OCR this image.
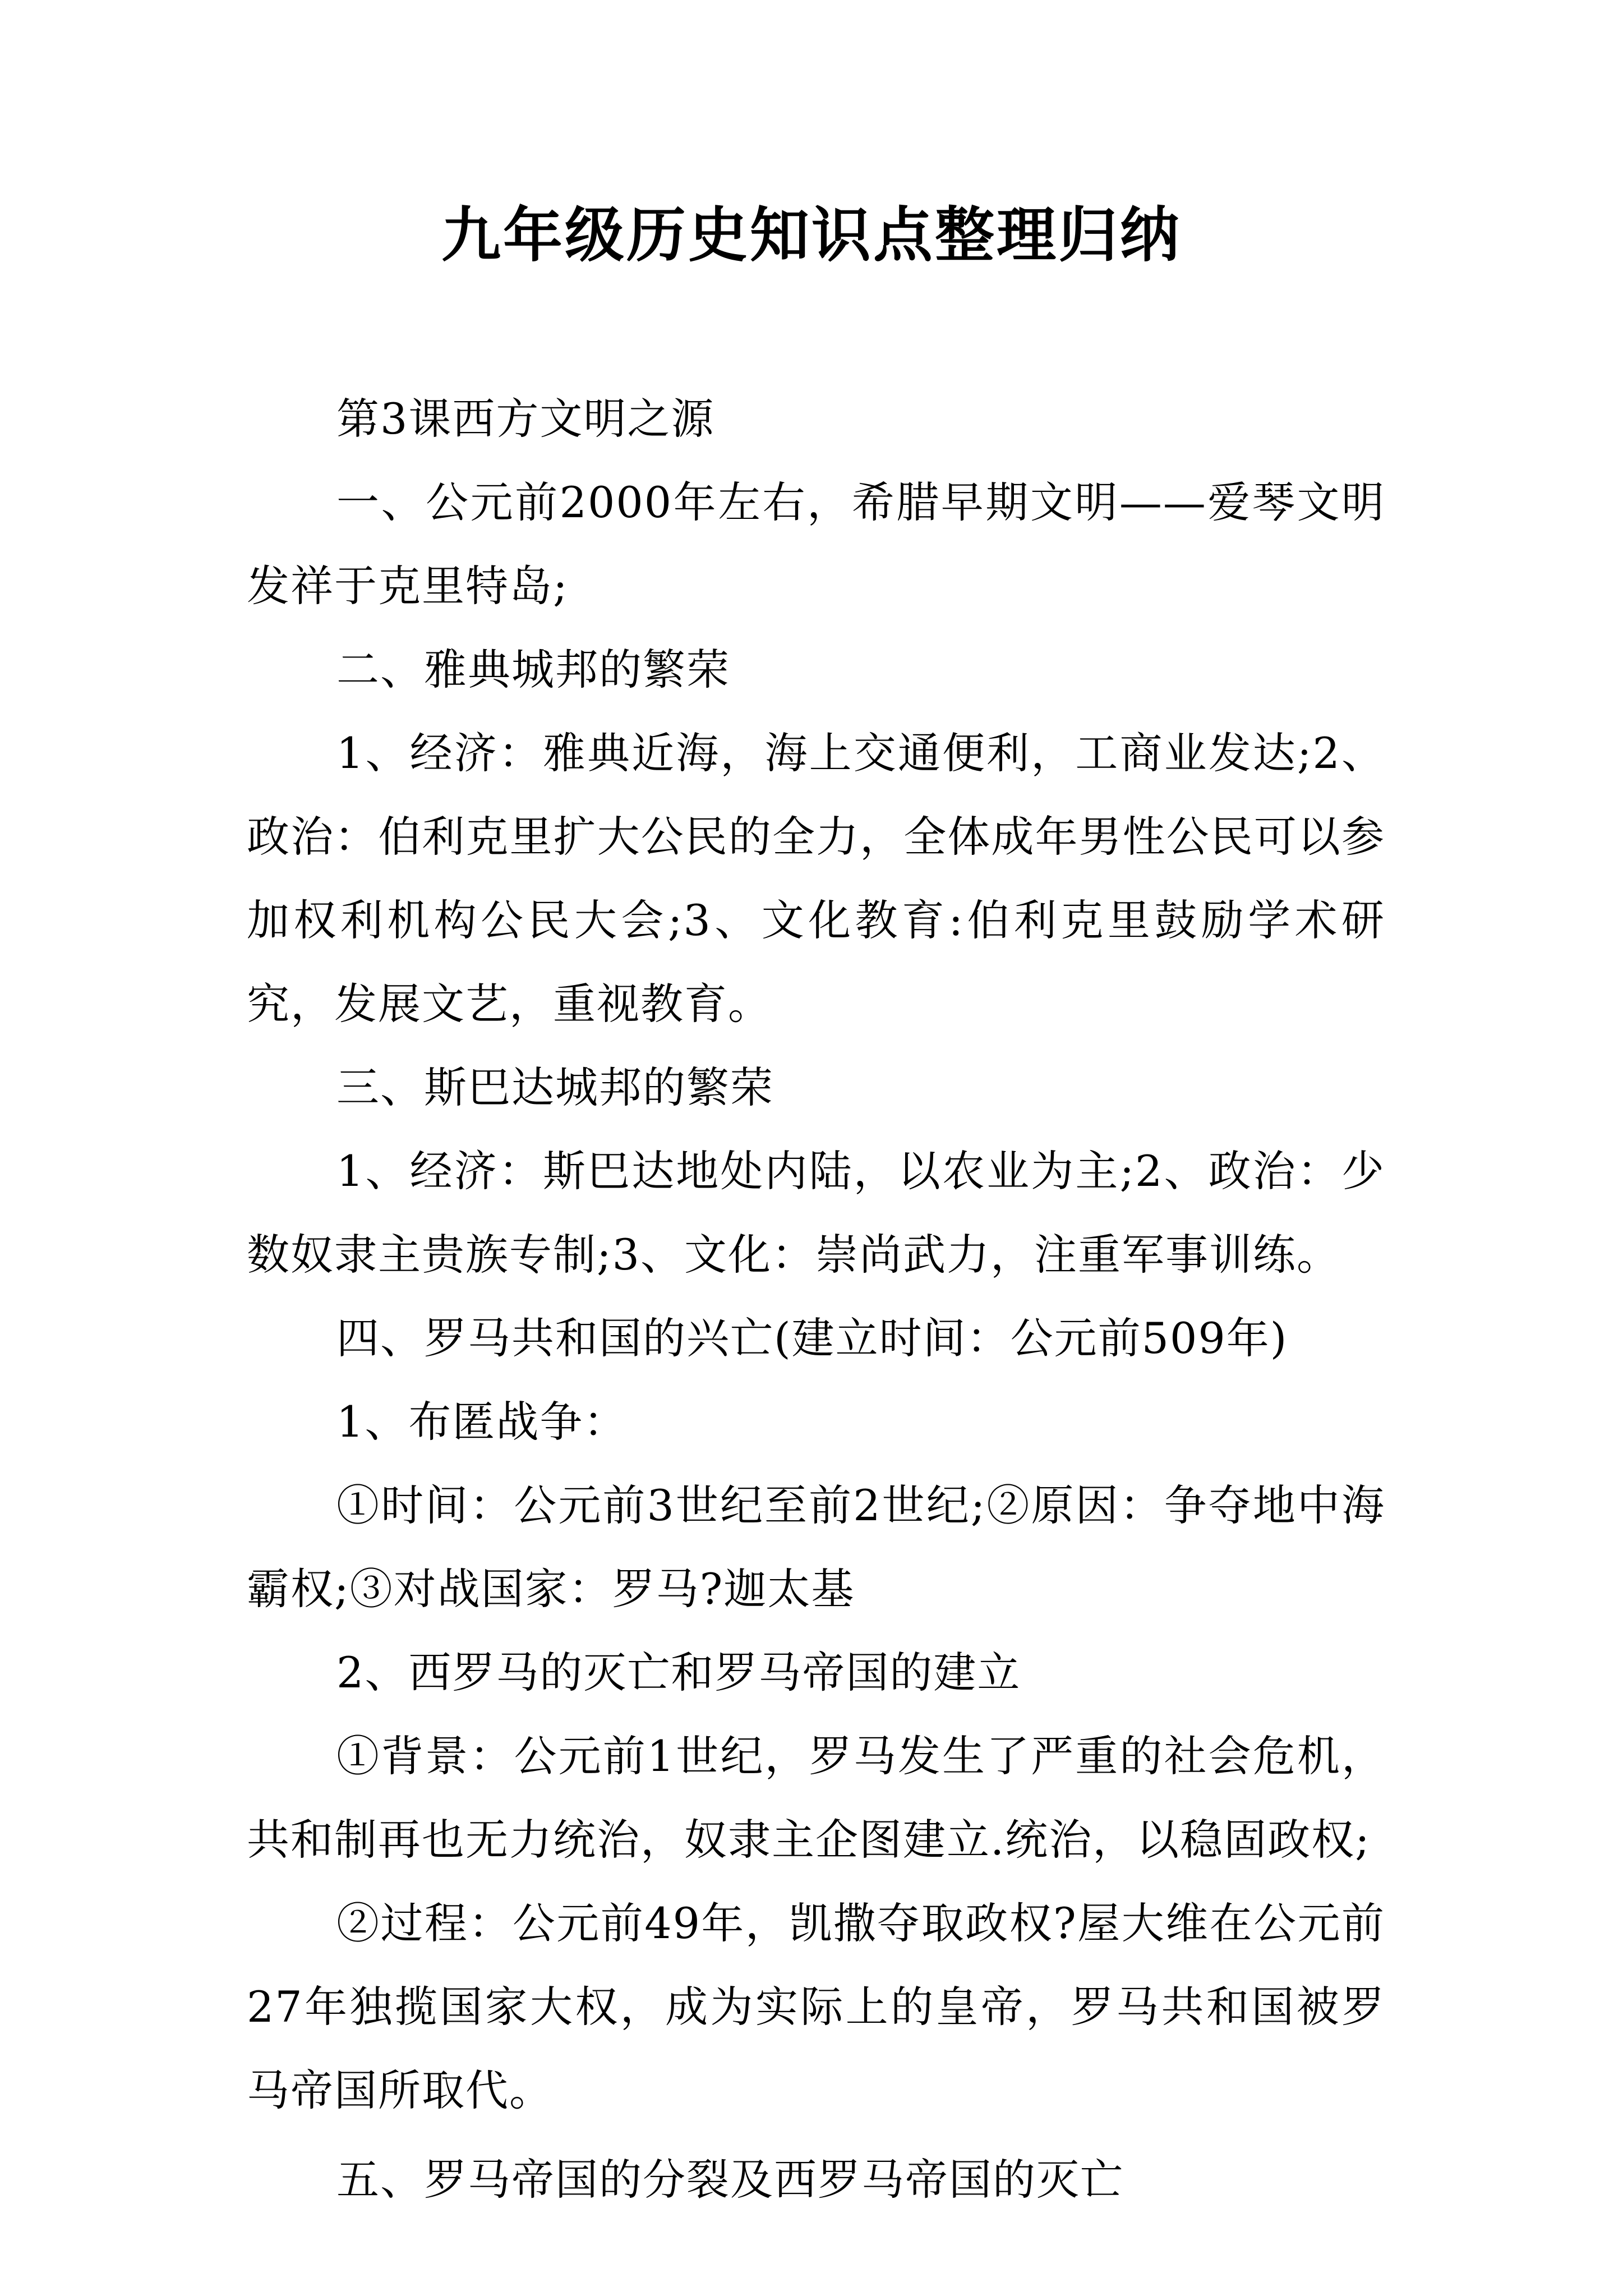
九年级历史知识点整理归纳

第3课西方文明之源

一、公元前2000年左右，希腊早期文明——爱琴文明发祥于克里特岛;

二、雅典城邦的繁荣

1、经济：雅典近海，海上交通便利，工商业发达;2、政治：伯利克里扩大公民的全力，全体成年男性公民可以参加权利机构公民大会;3、文化教育:伯利克里鼓励学术研究，发展文艺，重视教育。

三、斯巴达城邦的繁荣

1、经济：斯巴达地处内陆，以农业为主;2、政治：少数奴隶主贵族专制;3、文化：崇尚武力，注重军事训练。

四、罗马共和国的兴亡(建立时间：公元前509年)

1、布匿战争：

①时间：公元前3世纪至前2世纪;②原因：争夺地中海霸权;③对战国家：罗马?迦太基

2、西罗马的灭亡和罗马帝国的建立

①背景：公元前1世纪，罗马发生了严重的社会危机，共和制再也无力统治，奴隶主企图建立.统治，以稳固政权;

②过程：公元前49年，凯撒夺取政权?屋大维在公元前27年独揽国家大权，成为实际上的皇帝，罗马共和国被罗马帝国所取代。

五、罗马帝国的分裂及西罗马帝国的灭亡
